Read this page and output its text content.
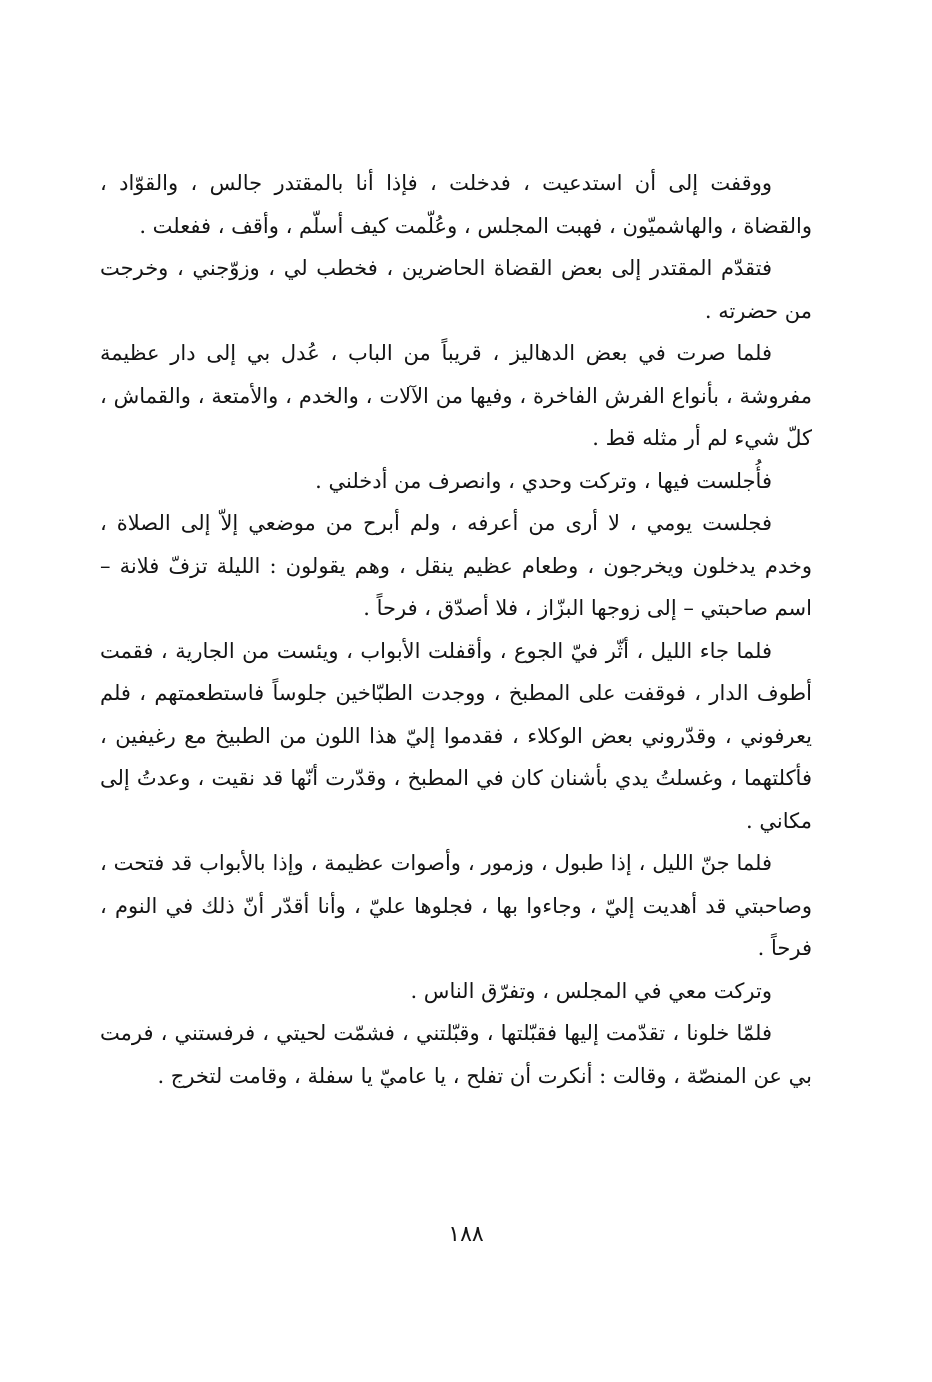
ووقفت إلى أن استدعيت ، فدخلت ، فإذا أنا بالمقتدر جالس ، والقوّاد ، والقضاة ، والهاشميّون ، فهبت المجلس ، وعُلّمت كيف أسلّم ، وأقف ، ففعلت .

فتقدّم المقتدر إلى بعض القضاة الحاضرين ، فخطب لي ، وزوّجني ، وخرجت من حضرته .

فلما صرت في بعض الدهاليز ، قريباً من الباب ، عُدل بي إلى دار عظيمة مفروشة ، بأنواع الفرش الفاخرة ، وفيها من الآلات ، والخدم ، والأمتعة ، والقماش ، كلّ شيء لم أر مثله قط .

فأُجلست فيها ، وتركت وحدي ، وانصرف من أدخلني .

فجلست يومي ، لا أرى من أعرفه ، ولم أبرح من موضعي إلاّ إلى الصلاة ، وخدم يدخلون ويخرجون ، وطعام عظيم ينقل ، وهم يقولون : الليلة تزفّ فلانة – اسم صاحبتي – إلى زوجها البزّاز ، فلا أصدّق ، فرحاً .

فلما جاء الليل ، أثّر فيّ الجوع ، وأقفلت الأبواب ، ويئست من الجارية ، فقمت أطوف الدار ، فوقفت على المطبخ ، ووجدت الطبّاخين جلوساً فاستطعمتهم ، فلم يعرفوني ، وقدّروني بعض الوكلاء ، فقدموا إليّ هذا اللون من الطبيخ مع رغيفين ، فأكلتهما ، وغسلتُ يدي بأشنان كان في المطبخ ، وقدّرت أنّها قد نقيت ، وعدتُ إلى مكاني .

فلما جنّ الليل ، إذا طبول ، وزمور ، وأصوات عظيمة ، وإذا بالأبواب قد فتحت ، وصاحبتي قد أهديت إليّ ، وجاءوا بها ، فجلوها عليّ ، وأنا أقدّر أنّ ذلك في النوم ، فرحاً .

وتركت معي في المجلس ، وتفرّق الناس .

فلمّا خلونا ، تقدّمت إليها فقبّلتها ، وقبّلتني ، فشمّت لحيتي ، فرفستني ، فرمت بي عن المنصّة ، وقالت : أنكرت أن تفلح ، يا عاميّ يا سفلة ، وقامت لتخرج .

١٨٨
